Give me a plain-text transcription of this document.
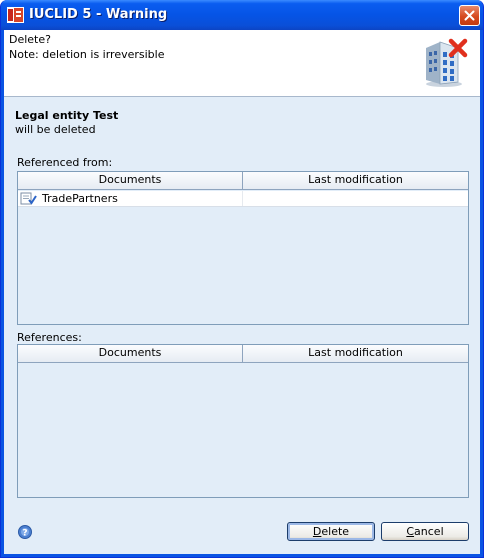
IUCLID 5 - Warning
Delete?
Note: deletion is irreversible
Legal entity Test
will be deleted
Referenced from:
Documents	Last modification
TradePartners
References:
Documents	Last modification
?	Delete	Cancel
